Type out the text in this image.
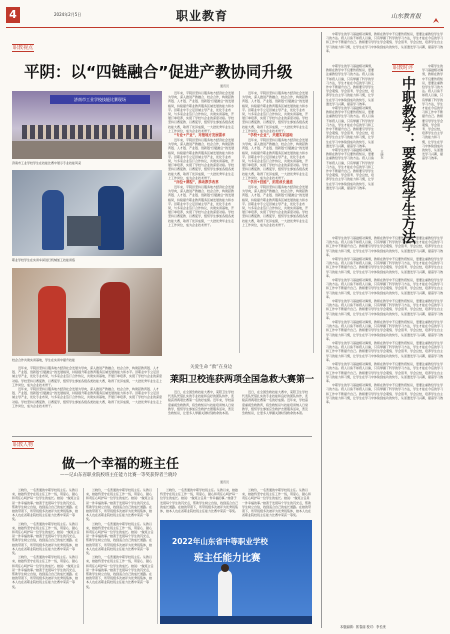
4	2024年2月5日	职业教育	山东教育报
职教视点
平阴：以“四链融合”促进产教协同升级
通讯员
济南市工业学校技能比赛现场
济南市工业学校学生在技能比赛中展示专业技能风采
职业学校学生在实训车间进行机械加工技能训练
校企合作共建实训基地，学生在实训中提升技能

近年来，平阴县坚持以服务地方经济社会发展为导向，深入推进产教融合、校企合作，构建起教育链、人才链、产业链、创新链“四链融合”的发展格局，持续提升职业教育服务区域发展的能力和水平。县职业中专立足县域主导产业，优化专业布局，与多家企业签订合作协议，共建实训基地，开展订单培养，实现了学校与企业的深度对接。学校坚持以赛促教、以赛促学，组织学生参加各级各类技能大赛，取得了优异成绩，一大批优秀毕业生走上工作岗位，成为企业技术骨干。

“专业+产业”，对接地方发展需求

近年来，平阴县坚持以服务地方经济社会发展为导向，深入推进产教融合、校企合作，构建起教育链、人才链、产业链、创新链“四链融合”的发展格局，持续提升职业教育服务区域发展的能力和水平。县职业中专立足县域主导产业，优化专业布局，与多家企业签订合作协议，共建实训基地，开展订单培养，实现了学校与企业的深度对接。学校坚持以赛促教、以赛促学，组织学生参加各级各类技能大赛，取得了优异成绩，一大批优秀毕业生走上工作岗位，成为企业技术骨干。

“岗位+课程”，推动教学改革

近年来，平阴县坚持以服务地方经济社会发展为导向，深入推进产教融合、校企合作，构建起教育链、人才链、产业链、创新链“四链融合”的发展格局，持续提升职业教育服务区域发展的能力和水平。县职业中专立足县域主导产业，优化专业布局，与多家企业签订合作协议，共建实训基地，开展订单培养，实现了学校与企业的深度对接。学校坚持以赛促教、以赛促学，组织学生参加各级各类技能大赛，取得了优异成绩，一大批优秀毕业生走上工作岗位，成为企业技术骨干。

近年来，平阴县坚持以服务地方经济社会发展为导向，深入推进产教融合、校企合作，构建起教育链、人才链、产业链、创新链“四链融合”的发展格局，持续提升职业教育服务区域发展的能力和水平。县职业中专立足县域主导产业，优化专业布局，与多家企业签订合作协议，共建实训基地，开展订单培养，实现了学校与企业的深度对接。学校坚持以赛促教、以赛促学，组织学生参加各级各类技能大赛，取得了优异成绩，一大批优秀毕业生走上工作岗位，成为企业技术骨干。

“学校+企业”，共建实训基地

近年来，平阴县坚持以服务地方经济社会发展为导向，深入推进产教融合、校企合作，构建起教育链、人才链、产业链、创新链“四链融合”的发展格局，持续提升职业教育服务区域发展的能力和水平。县职业中专立足县域主导产业，优化专业布局，与多家企业签订合作协议，共建实训基地，开展订单培养，实现了学校与企业的深度对接。学校坚持以赛促教、以赛促学，组织学生参加各级各类技能大赛，取得了优异成绩，一大批优秀毕业生走上工作岗位，成为企业技术骨干。

“学历+技能”，拓宽成长通道

近年来，平阴县坚持以服务地方经济社会发展为导向，深入推进产教融合、校企合作，构建起教育链、人才链、产业链、创新链“四链融合”的发展格局，持续提升职业教育服务区域发展的能力和水平。县职业中专立足县域主导产业，优化专业布局，与多家企业签订合作协议，共建实训基地，开展订单培养，实现了学校与企业的深度对接。学校坚持以赛促教、以赛促学，组织学生参加各级各类技能大赛，取得了优异成绩，一大批优秀毕业生走上工作岗位，成为企业技术骨干。

近年来，平阴县坚持以服务地方经济社会发展为导向，深入推进产教融合、校企合作，构建起教育链、人才链、产业链、创新链“四链融合”的发展格局，持续提升职业教育服务区域发展的能力和水平。县职业中专立足县域主导产业，优化专业布局，与多家企业签订合作协议，共建实训基地，开展订单培养，实现了学校与企业的深度对接。学校坚持以赛促教、以赛促学，组织学生参加各级各类技能大赛，取得了优异成绩，一大批优秀毕业生走上工作岗位，成为企业技术骨干。

近年来，平阴县坚持以服务地方经济社会发展为导向，深入推进产教融合、校企合作，构建起教育链、人才链、产业链、创新链“四链融合”的发展格局，持续提升职业教育服务区域发展的能力和水平。县职业中专立足县域主导产业，优化专业布局，与多家企业签订合作协议，共建实训基地，开展订单培养，实现了学校与企业的深度对接。学校坚持以赛促教、以赛促学，组织学生参加各级各类技能大赛，取得了优异成绩，一大批优秀毕业生走上工作岗位，成为企业技术骨干。

关爱生命 “救”在身边
莱阳卫校连获两项全国急救大赛第一

近日，在全国急救技能大赛中，莱阳卫生学校代表队凭借扎实的专业技能和良好的团队协作，连续获得两项比赛第一名的好成绩。近年来，学校高度重视急救教育，将急救知识与技能培训纳入日常教学，组织学生参加应急救护志愿服务活动，普及急救知识，让更多人掌握关键时刻救命的本领。

近日，在全国急救技能大赛中，莱阳卫生学校代表队凭借扎实的专业技能和良好的团队协作，连续获得两项比赛第一名的好成绩。近年来，学校高度重视急救教育，将急救知识与技能培训纳入日常教学，组织学生参加应急救护志愿服务活动，普及急救知识，让更多人掌握关键时刻救命的本领。

职教人物
做一个幸福的班主任
——记山东省职业院校班主任能力比赛一等奖获得者兰晓玲
通讯员

兰晓玲，一名普通的中职学校班主任。从教以来，她始终坚守在班主任工作一线，用爱心、耐心和责任心呵护每一位学生的成长。她说：“做班主任是一件幸福的事。”她善于发现每个学生的闪光点，帮助学生树立自信，找到适合自己的成长道路。在她的带领下，所带班级多次被评为优秀班集体，她本人也在省职业院校班主任能力比赛中荣获一等奖。

兰晓玲，一名普通的中职学校班主任。从教以来，她始终坚守在班主任工作一线，用爱心、耐心和责任心呵护每一位学生的成长。她说：“做班主任是一件幸福的事。”她善于发现每个学生的闪光点，帮助学生树立自信，找到适合自己的成长道路。在她的带领下，所带班级多次被评为优秀班集体，她本人也在省职业院校班主任能力比赛中荣获一等奖。

兰晓玲，一名普通的中职学校班主任。从教以来，她始终坚守在班主任工作一线，用爱心、耐心和责任心呵护每一位学生的成长。她说：“做班主任是一件幸福的事。”她善于发现每个学生的闪光点，帮助学生树立自信，找到适合自己的成长道路。在她的带领下，所带班级多次被评为优秀班集体，她本人也在省职业院校班主任能力比赛中荣获一等奖。

兰晓玲，一名普通的中职学校班主任。从教以来，她始终坚守在班主任工作一线，用爱心、耐心和责任心呵护每一位学生的成长。她说：“做班主任是一件幸福的事。”她善于发现每个学生的闪光点，帮助学生树立自信，找到适合自己的成长道路。在她的带领下，所带班级多次被评为优秀班集体，她本人也在省职业院校班主任能力比赛中荣获一等奖。

兰晓玲，一名普通的中职学校班主任。从教以来，她始终坚守在班主任工作一线，用爱心、耐心和责任心呵护每一位学生的成长。她说：“做班主任是一件幸福的事。”她善于发现每个学生的闪光点，帮助学生树立自信，找到适合自己的成长道路。在她的带领下，所带班级多次被评为优秀班集体，她本人也在省职业院校班主任能力比赛中荣获一等奖。

兰晓玲，一名普通的中职学校班主任。从教以来，她始终坚守在班主任工作一线，用爱心、耐心和责任心呵护每一位学生的成长。她说：“做班主任是一件幸福的事。”她善于发现每个学生的闪光点，帮助学生树立自信，找到适合自己的成长道路。在她的带领下，所带班级多次被评为优秀班集体，她本人也在省职业院校班主任能力比赛中荣获一等奖。

兰晓玲，一名普通的中职学校班主任。从教以来，她始终坚守在班主任工作一线，用爱心、耐心和责任心呵护每一位学生的成长。她说：“做班主任是一件幸福的事。”她善于发现每个学生的闪光点，帮助学生树立自信，找到适合自己的成长道路。在她的带领下，所带班级多次被评为优秀班集体，她本人也在省职业院校班主任能力比赛中荣获一等奖。

兰晓玲，一名普通的中职学校班主任。从教以来，她始终坚守在班主任工作一线，用爱心、耐心和责任心呵护每一位学生的成长。她说：“做班主任是一件幸福的事。”她善于发现每个学生的闪光点，帮助学生树立自信，找到适合自己的成长道路。在她的带领下，所带班级多次被评为优秀班集体，她本人也在省职业院校班主任能力比赛中荣获一等奖。

2022年山东省中等职业学校
班主任能力比赛

中职学生的学习基础相对薄弱，教师在教学中不仅要传授知识，更要注重教给学生学习的方法。授人以鱼不如授人以渔，只有掌握了科学的学习方法，学生才能在今后的学习和工作中不断提升自己。教师要引导学生学会观察、学会思考、学会总结，培养学生自主学习的能力和习惯，让学生在学习中体验到成功的快乐，从而激发学习兴趣，提高学习效率。

职教时评
中职教学：要教给学生方法
王晓东

中职学生的学习基础相对薄弱，教师在教学中不仅要传授知识，更要注重教给学生学习的方法。授人以鱼不如授人以渔，只有掌握了科学的学习方法，学生才能在今后的学习和工作中不断提升自己。教师要引导学生学会观察、学会思考、学会总结，培养学生自主学习的能力和习惯，让学生在学习中体验到成功的快乐，从而激发学习兴趣，提高学习效率。

中职学生的学习基础相对薄弱，教师在教学中不仅要传授知识，更要注重教给学生学习的方法。授人以鱼不如授人以渔，只有掌握了科学的学习方法，学生才能在今后的学习和工作中不断提升自己。教师要引导学生学会观察、学会思考、学会总结，培养学生自主学习的能力和习惯，让学生在学习中体验到成功的快乐，从而激发学习兴趣，提高学习效率。

中职学生的学习基础相对薄弱，教师在教学中不仅要传授知识，更要注重教给学生学习的方法。授人以鱼不如授人以渔，只有掌握了科学的学习方法，学生才能在今后的学习和工作中不断提升自己。教师要引导学生学会观察、学会思考、学会总结，培养学生自主学习的能力和习惯，让学生在学习中体验到成功的快乐，从而激发学习兴趣，提高学习效率。

中职学生的学习基础相对薄弱，教师在教学中不仅要传授知识，更要注重教给学生学习的方法。授人以鱼不如授人以渔，只有掌握了科学的学习方法，学生才能在今后的学习和工作中不断提升自己。教师要引导学生学会观察、学会思考、学会总结，培养学生自主学习的能力和习惯，让学生在学习中体验到成功的快乐，从而激发学习兴趣，提高学习效率。

中职学生的学习基础相对薄弱，教师在教学中不仅要传授知识，更要注重教给学生学习的方法。授人以鱼不如授人以渔，只有掌握了科学的学习方法，学生才能在今后的学习和工作中不断提升自己。教师要引导学生学会观察、学会思考、学会总结，培养学生自主学习的能力和习惯，让学生在学习中体验到成功的快乐，从而激发学习兴趣，提高学习效率。

中职学生的学习基础相对薄弱，教师在教学中不仅要传授知识，更要注重教给学生学习的方法。授人以鱼不如授人以渔，只有掌握了科学的学习方法，学生才能在今后的学习和工作中不断提升自己。教师要引导学生学会观察、学会思考、学会总结，培养学生自主学习的能力和习惯，让学生在学习中体验到成功的快乐，从而激发学习兴趣，提高学习效率。

中职学生的学习基础相对薄弱，教师在教学中不仅要传授知识，更要注重教给学生学习的方法。授人以鱼不如授人以渔，只有掌握了科学的学习方法，学生才能在今后的学习和工作中不断提升自己。教师要引导学生学会观察、学会思考、学会总结，培养学生自主学习的能力和习惯，让学生在学习中体验到成功的快乐，从而激发学习兴趣，提高学习效率。

中职学生的学习基础相对薄弱，教师在教学中不仅要传授知识，更要注重教给学生学习的方法。授人以鱼不如授人以渔，只有掌握了科学的学习方法，学生才能在今后的学习和工作中不断提升自己。教师要引导学生学会观察、学会思考、学会总结，培养学生自主学习的能力和习惯，让学生在学习中体验到成功的快乐，从而激发学习兴趣，提高学习效率。

中职学生的学习基础相对薄弱，教师在教学中不仅要传授知识，更要注重教给学生学习的方法。授人以鱼不如授人以渔，只有掌握了科学的学习方法，学生才能在今后的学习和工作中不断提升自己。教师要引导学生学会观察、学会思考、学会总结，培养学生自主学习的能力和习惯，让学生在学习中体验到成功的快乐，从而激发学习兴趣，提高学习效率。

中职学生的学习基础相对薄弱，教师在教学中不仅要传授知识，更要注重教给学生学习的方法。授人以鱼不如授人以渔，只有掌握了科学的学习方法，学生才能在今后的学习和工作中不断提升自己。教师要引导学生学会观察、学会思考、学会总结，培养学生自主学习的能力和习惯，让学生在学习中体验到成功的快乐，从而激发学习兴趣，提高学习效率。

中职学生的学习基础相对薄弱，教师在教学中不仅要传授知识，更要注重教给学生学习的方法。授人以鱼不如授人以渔，只有掌握了科学的学习方法，学生才能在今后的学习和工作中不断提升自己。教师要引导学生学会观察、学会思考、学会总结，培养学生自主学习的能力和习惯，让学生在学习中体验到成功的快乐，从而激发学习兴趣，提高学习效率。

中职学生的学习基础相对薄弱，教师在教学中不仅要传授知识，更要注重教给学生学习的方法。授人以鱼不如授人以渔，只有掌握了科学的学习方法，学生才能在今后的学习和工作中不断提升自己。教师要引导学生学会观察、学会思考、学会总结，培养学生自主学习的能力和习惯，让学生在学习中体验到成功的快乐，从而激发学习兴趣，提高学习效率。

本版编辑：郭春丽 校对：李长庚
